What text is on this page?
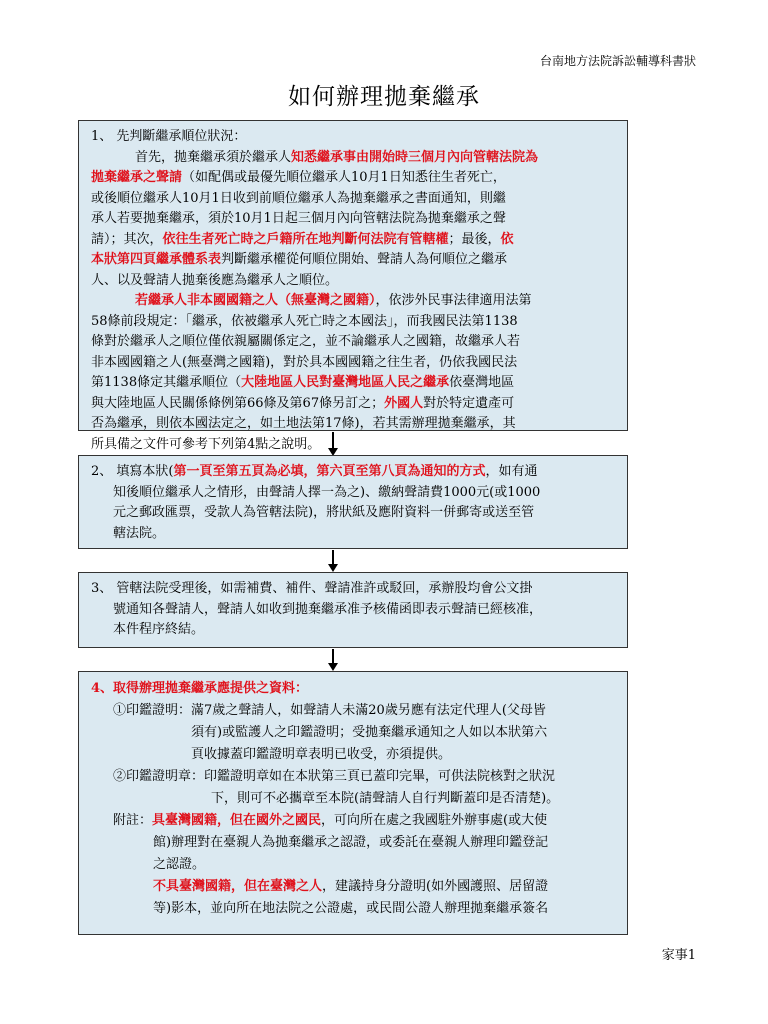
台南地方法院訴訟輔導科書狀
如何辦理拋棄繼承
1、 先判斷繼承順位狀況：
首先，拋棄繼承須於繼承人知悉繼承事由開始時三個月內向管轄法院為
拋棄繼承之聲請（如配偶或最優先順位繼承人10月1日知悉往生者死亡，
或後順位繼承人10月1日收到前順位繼承人為拋棄繼承之書面通知，則繼
承人若要拋棄繼承，須於10月1日起三個月內向管轄法院為拋棄繼承之聲
請）；其次，依往生者死亡時之戶籍所在地判斷何法院有管轄權；最後，依
本狀第四頁繼承體系表判斷繼承權從何順位開始、聲請人為何順位之繼承
人、以及聲請人拋棄後應為繼承人之順位。
若繼承人非本國國籍之人（無臺灣之國籍），依涉外民事法律適用法第
58條前段規定：「繼承，依被繼承人死亡時之本國法」，而我國民法第1138
條對於繼承人之順位僅依親屬關係定之，並不論繼承人之國籍，故繼承人若
非本國國籍之人(無臺灣之國籍)，對於具本國國籍之往生者，仍依我國民法
第1138條定其繼承順位（大陸地區人民對臺灣地區人民之繼承依臺灣地區
與大陸地區人民關係條例第66條及第67條另訂之；外國人對於特定遺產可
否為繼承，則依本國法定之，如土地法第17條)，若其需辦理拋棄繼承，其
所具備之文件可參考下列第4點之說明。
2、 填寫本狀(第一頁至第五頁為必填，第六頁至第八頁為通知的方式，如有通
知後順位繼承人之情形，由聲請人擇一為之)、繳納聲請費1000元(或1000
元之郵政匯票，受款人為管轄法院)，將狀紙及應附資料一併郵寄或送至管
轄法院。
3、 管轄法院受理後，如需補費、補件、聲請准許或駁回，承辦股均會公文掛
號通知各聲請人，聲請人如收到拋棄繼承准予核備函即表示聲請已經核准，
本件程序終結。
4、取得辦理拋棄繼承應提供之資料：
①印鑑證明：滿7歲之聲請人，如聲請人未滿20歲另應有法定代理人(父母皆
須有)或監護人之印鑑證明；受拋棄繼承通知之人如以本狀第六
頁收據蓋印鑑證明章表明已收受，亦須提供。
②印鑑證明章：印鑑證明章如在本狀第三頁已蓋印完畢，可供法院核對之狀況
下，則可不必攜章至本院(請聲請人自行判斷蓋印是否清楚)。
附註：具臺灣國籍，但在國外之國民，可向所在處之我國駐外辦事處(或大使
館)辦理對在臺親人為拋棄繼承之認證，或委託在臺親人辦理印鑑登記
之認證。
不具臺灣國籍，但在臺灣之人，建議持身分證明(如外國護照、居留證
等)影本，並向所在地法院之公證處，或民間公證人辦理拋棄繼承簽名
家事1
